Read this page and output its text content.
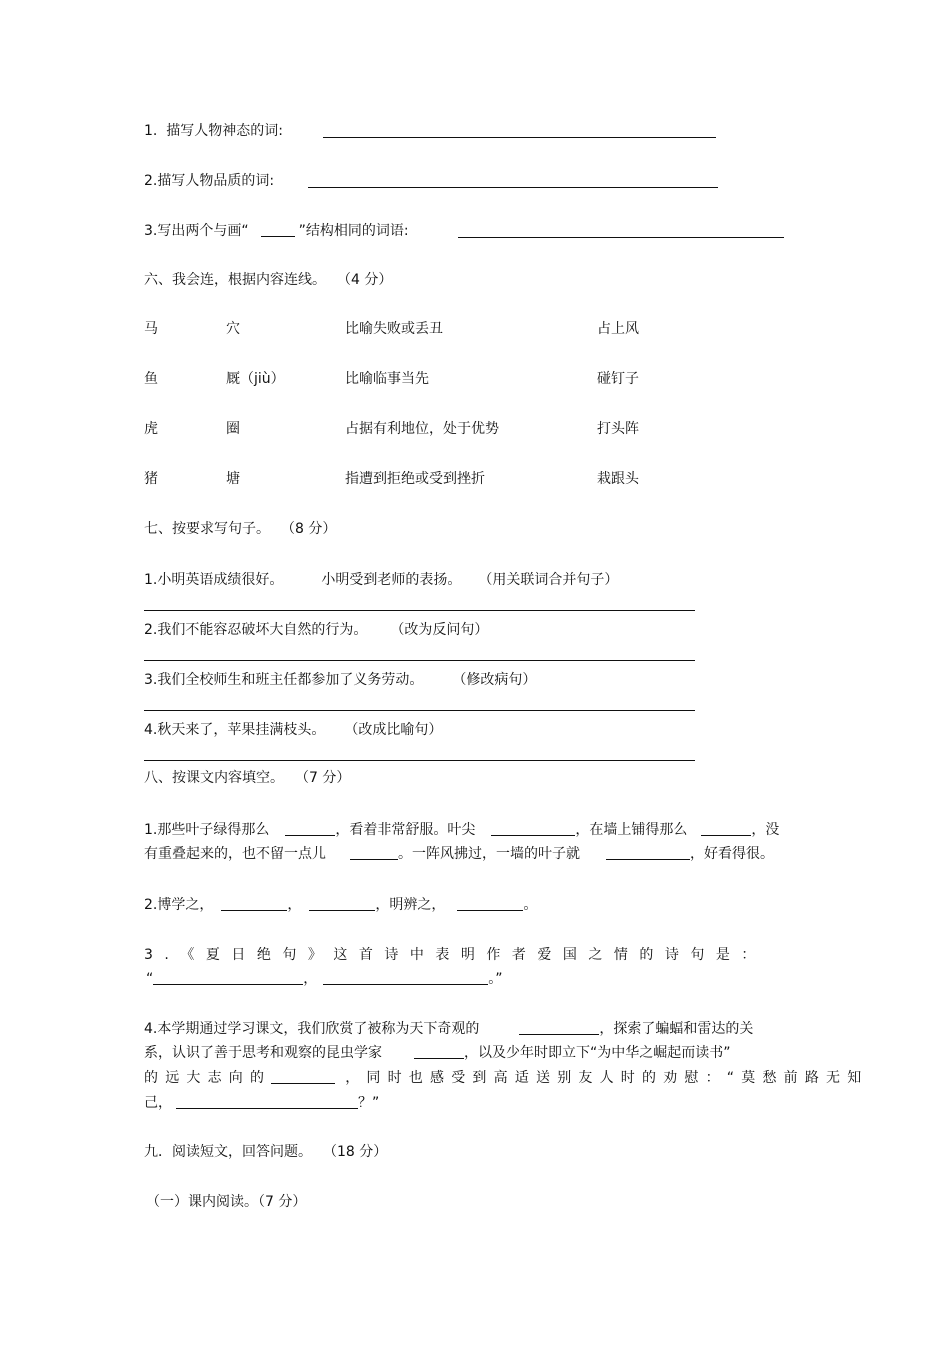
1.  描写人物神态的词:
2.描写人物品质的词:
3.写出两个与画“	”结构相同的词语:
六、我会连，根据内容连线。 （4 分）
马	穴	比喻失败或丢丑	占上风
鱼	厩（jiù）	比喻临事当先	碰钉子
虎	圈	占据有利地位，处于优势	打头阵
猪	塘	指遭到拒绝或受到挫折	栽跟头
七、按要求写句子。 （8 分）
1.小明英语成绩很好。	小明受到老师的表扬。 （用关联词合并句子）
2.我们不能容忍破坏大自然的行为。 （改为反问句）
3.我们全校师生和班主任都参加了义务劳动。	（修改病句）
4.秋天来了，苹果挂满枝头。 （改成比喻句）
八、按课文内容填空。 （7 分）
1.那些叶子绿得那么	，看着非常舒服。叶尖	，在墙上铺得那么	，没
有重叠起来的，也不留一点儿	。一阵风拂过，一墙的叶子就	，好看得很。
2.博学之，	，	，明辨之，	。
3.《夏日绝句》这首诗中表明作者爱国之情的诗句是：
“	，	。”
4.本学期通过学习课文，我们欣赏了被称为天下奇观的	，探索了蝙蝠和雷达的关
系，认识了善于思考和观察的昆虫学家	，以及少年时即立下“为中华之崛起而读书”
的远大志向的	，同时也感受到高适送别友人时的劝慰：“莫愁前路无知
己，	？”
九．阅读短文，回答问题。 （18 分）
（一）课内阅读。（7 分）
